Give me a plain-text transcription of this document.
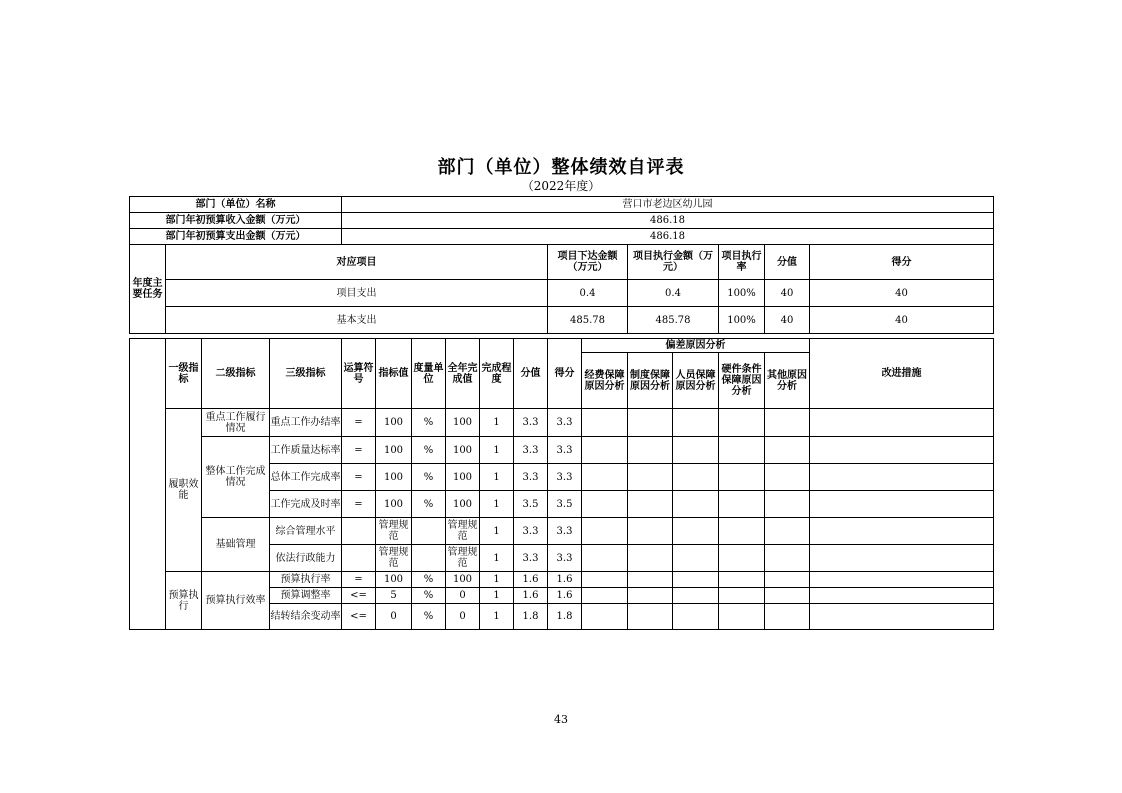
部门（单位）整体绩效自评表
（2022年度）
部门（单位）名称		营口市老边区幼儿园					
部门年初预算收入金额（万元）		486.18					
部门年初预算支出金额（万元）		486.18					
年度主要任务	对应项目		项目下达金额（万元）	项目执行金额（万元）	项目执行率	分值	得分
	项目支出		0.4	0.4	100%	40	40
	基本支出		485.78	485.78	100%	40	40
	一级指标	二级指标	三级指标	运算符号	指标值	度量单位	全年完成值	完成程度	分值	得分	偏差原因分析					改进措施
											经费保障原因分析	制度保障原因分析	人员保障原因分析	硬件条件保障原因分析	其他原因分析	
	履职效能	重点工作履行情况	重点工作办结率	=	100	%	100	1	3.3	3.3						
		整体工作完成情况	工作质量达标率	=	100	%	100	1	3.3	3.3						
			总体工作完成率	=	100	%	100	1	3.3	3.3						
			工作完成及时率	=	100	%	100	1	3.5	3.5						
		基础管理	综合管理水平		管理规范		管理规范	1	3.3	3.3						
			依法行政能力		管理规范		管理规范	1	3.3	3.3						
	预算执行	预算执行效率	预算执行率	=	100	%	100	1	1.6	1.6						
			预算调整率	<=	5	%	0	1	1.6	1.6						
			结转结余变动率	<=	0	%	0	1	1.8	1.8						
43
